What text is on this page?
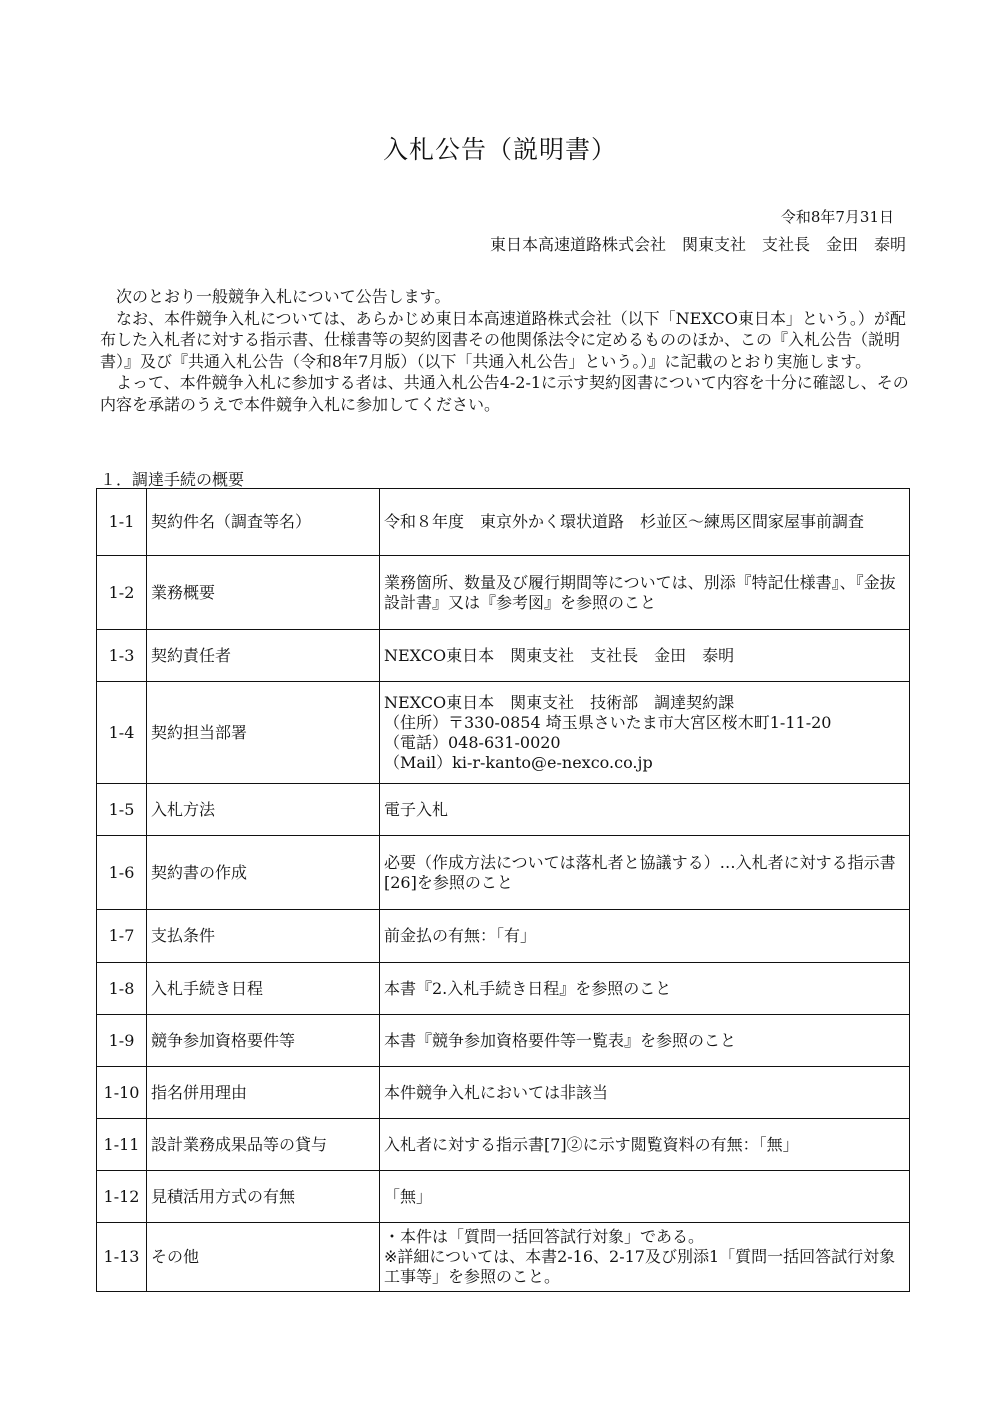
入札公告（説明書）
令和8年7月31日
東日本高速道路株式会社　関東支社　支社長　金田　泰明

次のとおり一般競争入札について公告します。

なお、本件競争入札については、あらかじめ東日本高速道路株式会社（以下「NEXCO東日本」という。）が配布した入札者に対する指示書、仕様書等の契約図書その他関係法令に定めるもののほか、この『入札公告（説明書）』及び『共通入札公告（令和8年7月版）（以下「共通入札公告」という。）』に記載のとおり実施します。

よって、本件競争入札に参加する者は、共通入札公告4-2-1に示す契約図書について内容を十分に確認し、その内容を承諾のうえで本件競争入札に参加してください。

１．調達手続の概要
1-1	契約件名（調査等名）	令和８年度　東京外かく環状道路　杉並区～練馬区間家屋事前調査
1-2	業務概要	業務箇所、数量及び履行期間等については、別添『特記仕様書』、『金抜設計書』又は『参考図』を参照のこと
1-3	契約責任者	NEXCO東日本　関東支社　支社長　金田　泰明
1-4	契約担当部署	NEXCO東日本　関東支社　技術部　調達契約課
（住所）〒330-0854 埼玉県さいたま市大宮区桜木町1-11-20
（電話）048-631-0020
（Mail）ki-r-kanto@e-nexco.co.jp
1-5	入札方法	電子入札
1-6	契約書の作成	必要（作成方法については落札者と協議する）…入札者に対する指示書[26]を参照のこと
1-7	支払条件	前金払の有無：「有」
1-8	入札手続き日程	本書『2.入札手続き日程』を参照のこと
1-9	競争参加資格要件等	本書『競争参加資格要件等一覧表』を参照のこと
1-10	指名併用理由	本件競争入札においては非該当
1-11	設計業務成果品等の貸与	入札者に対する指示書[7]②に示す閲覧資料の有無：「無」
1-12	見積活用方式の有無	「無」
1-13	その他	・本件は「質問一括回答試行対象」である。
※詳細については、本書2-16、2-17及び別添1「質問一括回答試行対象工事等」を参照のこと。
